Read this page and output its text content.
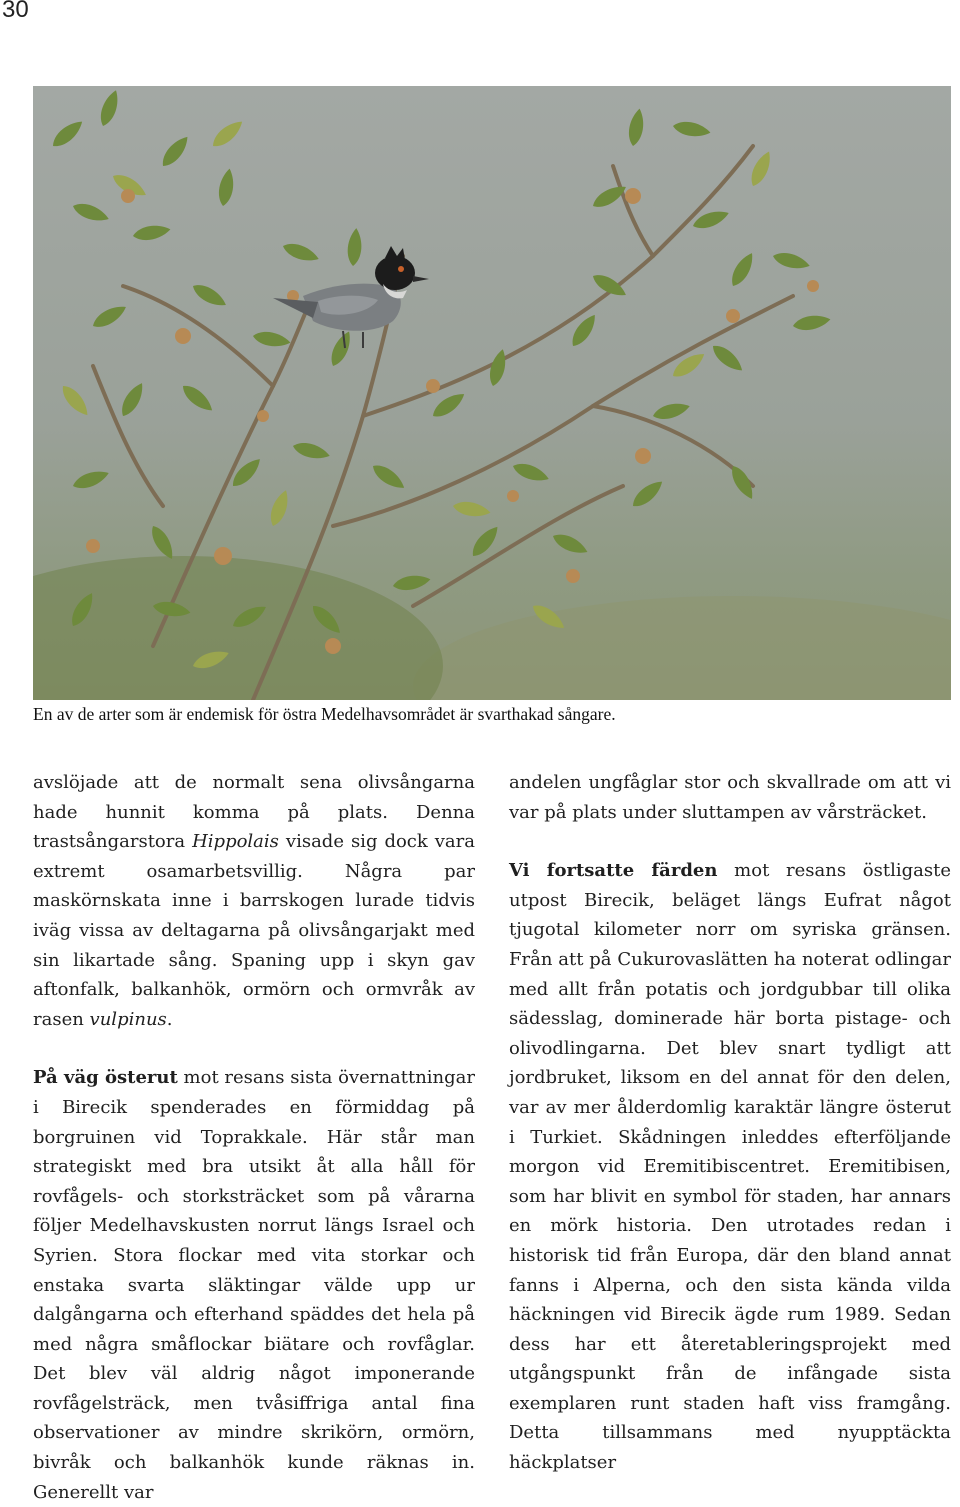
30
En av de arter som är endemisk för östra Medelhavsområdet är svarthakad sångare.

avslöjade att de normalt sena olivsångarna hade hunnit komma på plats. Denna trastsångarstora Hippolais visade sig dock vara extremt osamarbetsvillig. Några par maskörnskata inne i barrskogen lurade tidvis iväg vissa av deltagarna på olivsångarjakt med sin likartade sång. Spaning upp i skyn gav aftonfalk, balkanhök, ormörn och ormvråk av rasen vulpinus.

På väg österut mot resans sista övernattningar i Birecik spenderades en förmiddag på borgruinen vid Toprakkale. Här står man strategiskt med bra utsikt åt alla håll för rovfågels- och storksträcket som på vårarna följer Medelhavskusten norrut längs Israel och Syrien. Stora flockar med vita storkar och enstaka svarta släktingar välde upp ur dalgångarna och efterhand späddes det hela på med några småflockar biätare och rovfåglar. Det blev väl aldrig något imponerande rovfågelsträck, men tvåsiffriga antal fina observationer av mindre skrikörn, ormörn, bivråk och balkanhök kunde räknas in. Generellt var

andelen ungfåglar stor och skvallrade om att vi var på plats under sluttampen av vårsträcket.

Vi fortsatte färden mot resans östligaste utpost Birecik, beläget längs Eufrat något tjugotal kilometer norr om syriska gränsen. Från att på Cukurovaslätten ha noterat odlingar med allt från potatis och jordgubbar till olika sädesslag, dominerade här borta pistage- och olivodlingarna. Det blev snart tydligt att jordbruket, liksom en del annat för den delen, var av mer ålderdomlig karaktär längre österut i Turkiet. Skådningen inleddes efterföljande morgon vid Eremitibiscentret. Eremitibisen, som har blivit en symbol för staden, har annars en mörk historia. Den utrotades redan i historisk tid från Europa, där den bland annat fanns i Alperna, och den sista kända vilda häckningen vid Birecik ägde rum 1989. Sedan dess har ett återetableringsprojekt med utgångspunkt från de infångade sista exemplaren runt staden haft viss framgång. Detta tillsammans med nyupptäckta häckplatser
